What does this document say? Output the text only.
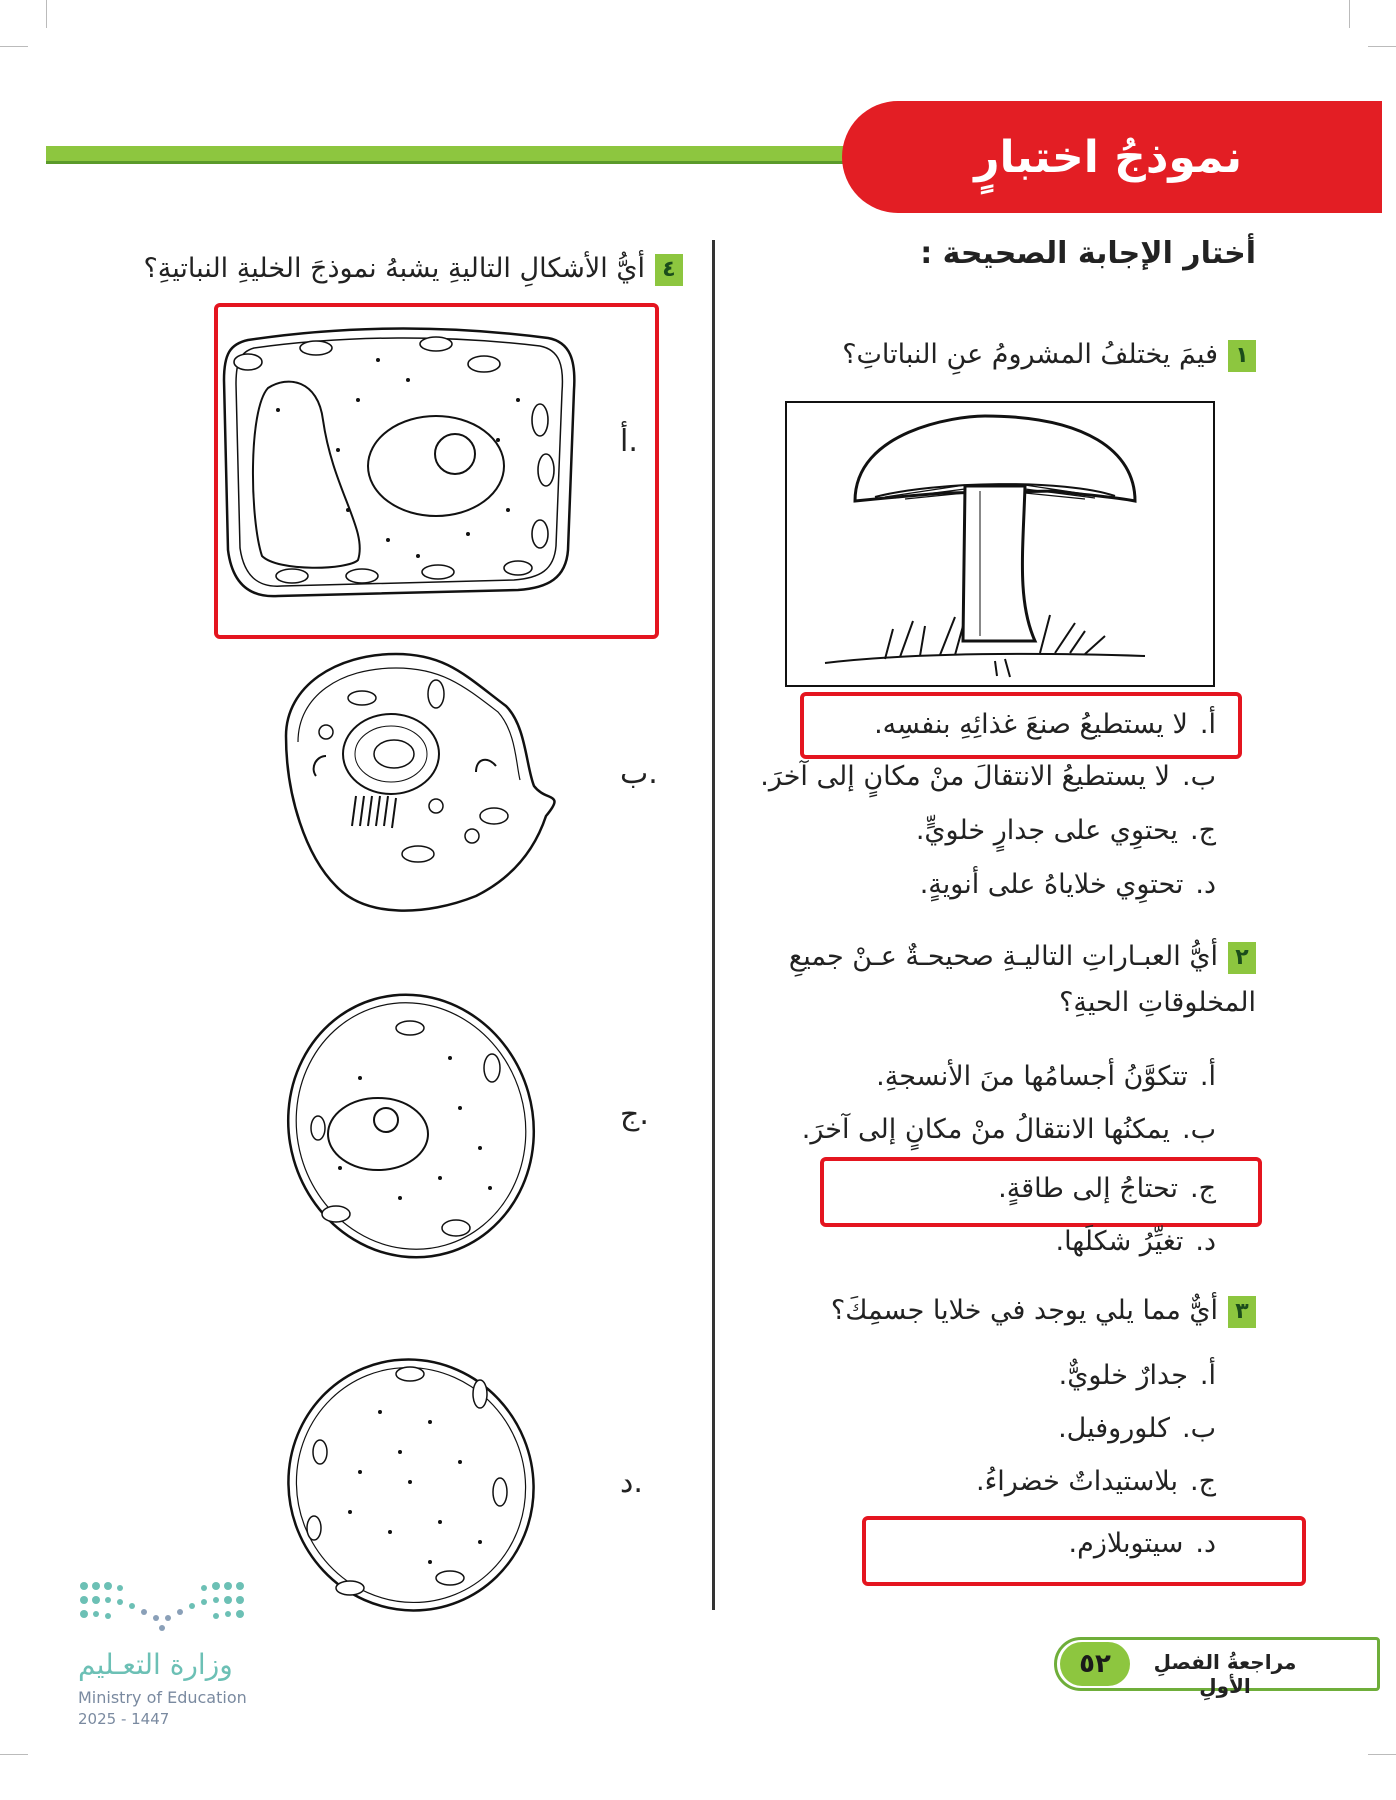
نموذجُ اختبارٍ
أختار الإجابة الصحيحة :
١فيمَ يختلفُ المشرومُ عنِ النباتاتِ؟
أ.لا يستطيعُ صنعَ غذائِهِ بنفسِه.
ب.لا يستطيعُ الانتقالَ منْ مكانٍ إلى آخرَ.
ج.يحتوِي على جدارٍ خلويٍّ.
د.تحتوِي خلاياهُ على أنويةٍ.
٢أيُّ العبـاراتِ التاليـةِ صحيحـةٌ عـنْ جميعِ المخلوقاتِ الحيةِ؟
أ.تتكوَّنُ أجسامُها منَ الأنسجةِ.
ب.يمكنُها الانتقالُ منْ مكانٍ إلى آخرَ.
ج.تحتاجُ إلى طاقةٍ.
د.تغيِّرُ شكلَها.
٣أيٌّ مما يلي يوجد في خلايا جسمِكَ؟
أ.جدارٌ خلويٌّ.
ب.كلوروفيل.
ج.بلاستيداتٌ خضراءُ.
د.سيتوبلازم.
٤أيُّ الأشكالِ التاليةِ يشبهُ نموذجَ الخليةِ النباتيةِ؟
أ.
ب.
ج.
د.
وزارة التعـليم
Ministry of Education
2025 - 1447
٥٢	مراجعةُ الفصلِ الأولِ
